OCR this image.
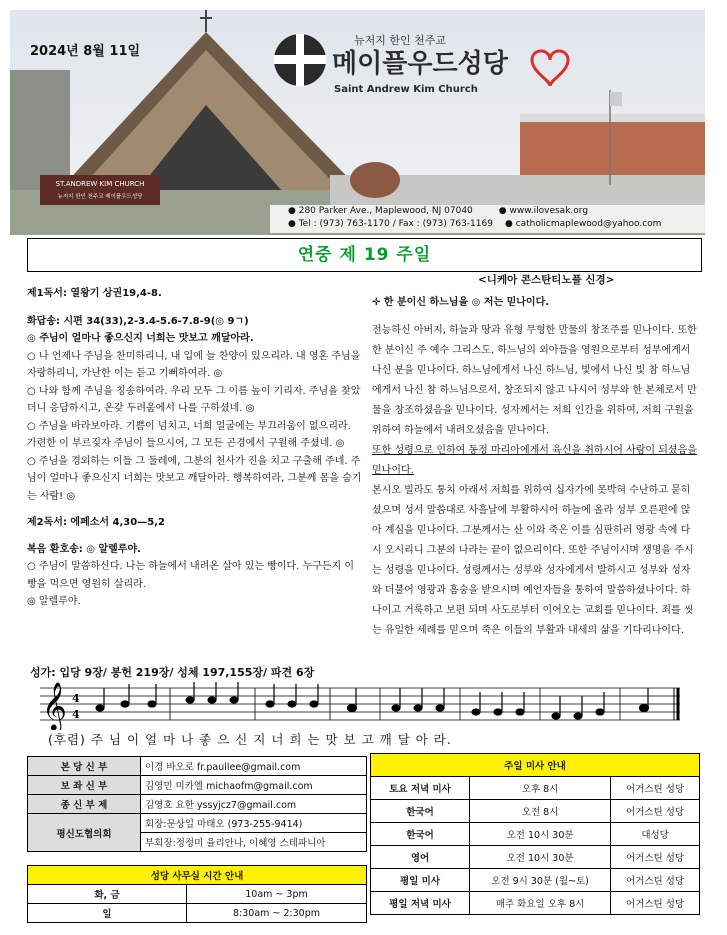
ST.ANDREW KIM CHURCH
뉴저지 한인 천주교 메이플우드성당
2024년 8월 11일
뉴저지 한인 천주교
메이플우드성당
Saint Andrew Kim Church
● 280 Parker Ave., Maplewood, NJ 07040	● www.ilovesak.org
● Tel : (973) 763-1170 / Fax : (973) 763-1169 ● catholicmaplewood@yahoo.com
연중 제 19 주일

제1독서: 열왕기 상권19,4-8.

화답송: 시편 34(33),2-3.4-5.6-7.8-9(◎ 9ㄱ)

◎ 주님이 얼마나 좋으신지 너희는 맛보고 깨달아라.

○ 나 언제나 주님을 찬미하리니, 내 입에 늘 찬양이 있으리라. 내 영혼 주님을 자랑하리니, 가난한 이는 듣고 기뻐하여라. ◎

○ 나와 함께 주님을 칭송하여라. 우리 모두 그 이름 높이 기리자. 주님을 찾았더니 응답하시고, 온갖 두려움에서 나를 구하셨네. ◎

○ 주님을 바라보아라. 기쁨이 넘치고, 너희 얼굴에는 부끄러움이 없으리라. 가련한 이 부르짖자 주님이 들으시어, 그 모든 곤경에서 구원해 주셨네. ◎

○ 주님을 경외하는 이들 그 둘레에, 그분의 천사가 진을 치고 구출해 주네. 주님이 얼마나 좋으신지 너희는 맛보고 깨달아라. 행복하여라, 그분께 몸을 숨기는 사람! ◎

제2독서: 에페소서 4,30—5,2

복음 환호송: ◎ 알렐루야.

○ 주님이 말씀하신다. 나는 하늘에서 내려온 살아 있는 빵이다. 누구든지 이 빵을 먹으면 영원히 살리라.

◎ 알렐루야.

<니케아 콘스탄티노플 신경>

✛ 한 분이신 하느님을 ◎ 저는 믿나이다.

전능하신 아버지, 하늘과 땅과 유형 무형한 만물의 창조주를 믿나이다. 또한 한 분이신 주 예수 그리스도, 하느님의 외아들을 영원으로부터 성부에게서 나신 분을 믿나이다. 하느님에게서 나신 하느님, 빛에서 나신 빛 참 하느님에게서 나신 참 하느님으로서, 창조되지 않고 나시어 성부와 한 본체로서 만물을 창조하셨음을 믿나이다. 성자께서는 저희 인간을 위하여, 저희 구원을 위하여 하늘에서 내려오셨음을 믿나이다.

또한 성령으로 인하여 동정 마리아에게서 육신을 취하시어 사람이 되셨음을 믿나이다.

본시오 빌라도 통치 아래서 저희를 위하여 십자가에 못박혀 수난하고 묻히셨으며 성서 말씀대로 사흘날에 부활하시어 하늘에 올라 성부 오른편에 앉아 계심을 믿나이다. 그분께서는 산 이와 죽은 이를 심판하러 영광 속에 다시 오시리니 그분의 나라는 끝이 없으리이다. 또한 주님이시며 생명을 주시는 성령을 믿나이다. 성령께서는 성부와 성자에게서 발하시고 성부와 성자와 더불어 영광과 흠숭을 받으시며 예언자들을 통하여 말씀하셨나이다. 하나이고 거룩하고 보편 되며 사도로부터 이어오는 교회를 믿나이다. 죄를 씻는 유일한 세례를 믿으며 죽은 이들의 부활과 내세의 삶을 기다리나이다.

성가: 입당 9장/ 봉헌 219장/ 성체 197,155장/ 파견 6장
𝄞 4
4
(후렴) 주 님 이 얼 마 나 좋 으 신 지 너 희 는 맛 보 고 깨 달 아 라.
본 당 신 부	이경 바오로 fr.paullee@gmail.com
보 좌 신 부	김영민 미카엘 michaofm@gmail.com
종 신 부 제	김영호 요한 yssyjcz7@gmail.com
평신도협의회	회장:문상일 마태오 (973-255-9414)
	부회장:정정미 율리안나, 이혜영 스테파니아
성당 사무실 시간 안내	
화, 금	10am ~ 3pm
일	8:30am ~ 2:30pm
주일 미사 안내		
토요 저녁 미사	오후 8시	어거스틴 성당
한국어	오전 8시	어거스틴 성당
한국어	오전 10시 30분	대성당
영어	오전 10시 30분	어거스틴 성당
평일 미사	오전 9시 30분 (월~토)	어거스틴 성당
평일 저녁 미사	매주 화요일 오후 8시	어거스틴 성당
